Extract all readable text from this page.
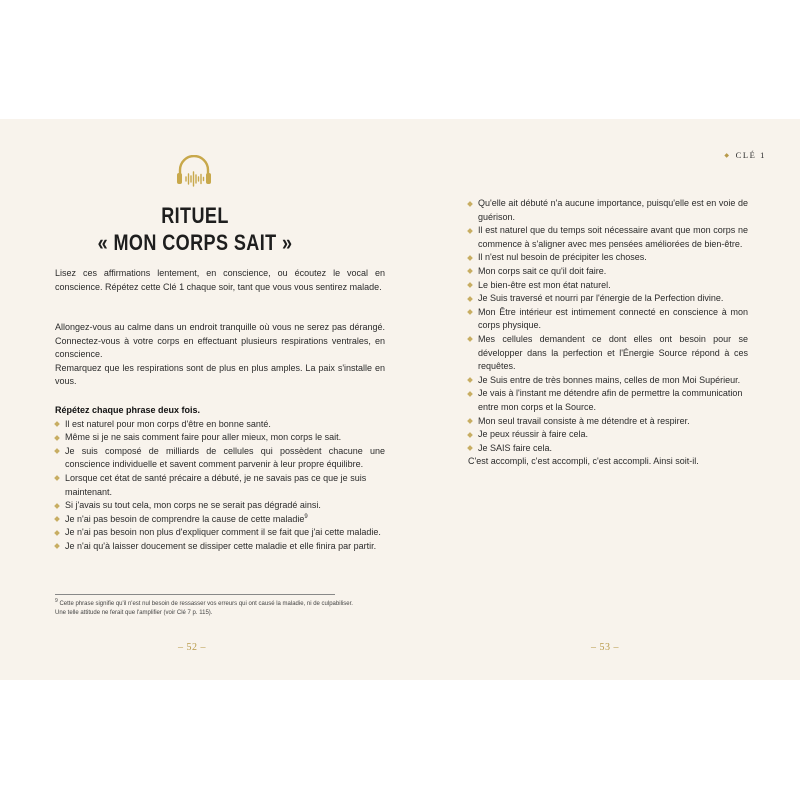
RITUEL
« MON CORPS SAIT »

Lisez ces affirmations lentement, en conscience, ou écoutez le vocal en conscience. Répétez cette Clé 1 chaque soir, tant que vous vous sentirez malade.

Allongez-vous au calme dans un endroit tranquille où vous ne serez pas dérangé. Connectez-vous à votre corps en effectuant plusieurs respirations ventrales, en conscience.
Remarquez que les respirations sont de plus en plus amples. La paix s'installe en vous.
Répétez chaque phrase deux fois.
Il est naturel pour mon corps d'être en bonne santé.
Même si je ne sais comment faire pour aller mieux, mon corps le sait.
Je suis composé de milliards de cellules qui possèdent chacune une conscience individuelle et savent comment parvenir à leur propre équilibre.
Lorsque cet état de santé précaire a débuté, je ne savais pas ce que je suis maintenant.
Si j'avais su tout cela, mon corps ne se serait pas dégradé ainsi.
Je n'ai pas besoin de comprendre la cause de cette maladie$^9$
Je n'ai pas besoin non plus d'expliquer comment il se fait que j'ai cette maladie.
Je n'ai qu'à laisser doucement se dissiper cette maladie et elle finira par partir.
$^9$ Cette phrase signifie qu'il n'est nul besoin de ressasser vos erreurs qui ont causé la maladie, ni de culpabiliser. Une telle attitude ne ferait que l'amplifier (voir Clé 7 p. 115).
– 52 –
◆ CLÉ 1
– 53 –
Qu'elle ait débuté n'a aucune importance, puisqu'elle est en voie de guérison.
Il est naturel que du temps soit nécessaire avant que mon corps ne commence à s'aligner avec mes pensées améliorées de bien-être.
Il n'est nul besoin de précipiter les choses.
Mon corps sait ce qu'il doit faire.
Le bien-être est mon état naturel.
Je Suis traversé et nourri par l'énergie de la Perfection divine.
Mon Être intérieur est intimement connecté en conscience à mon corps physique.
Mes cellules demandent ce dont elles ont besoin pour se développer dans la perfection et l'Énergie Source répond à ces requêtes.
Je Suis entre de très bonnes mains, celles de mon Moi Supérieur.
Je vais à l'instant me détendre afin de permettre la communication entre mon corps et la Source.
Mon seul travail consiste à me détendre et à respirer.
Je peux réussir à faire cela.
Je SAIS faire cela.
C'est accompli, c'est accompli, c'est accompli. Ainsi soit-il.
